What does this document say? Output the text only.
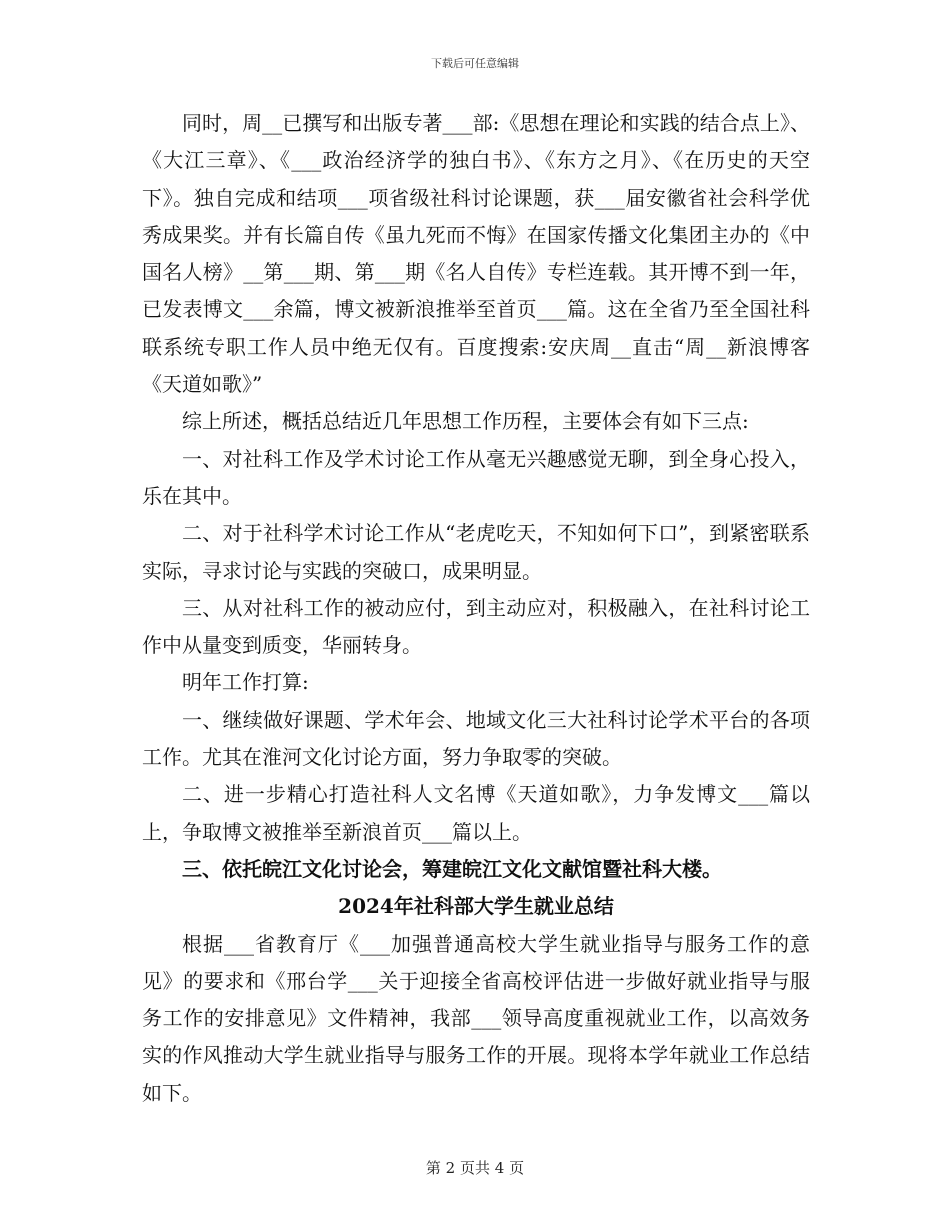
下载后可任意编辑

同时，周__已撰写和出版专著___部:《思想在理论和实践的结合点上》、《大江三章》、《___政治经济学的独白书》、《东方之月》、《在历史的天空下》。独自完成和结项___项省级社科讨论课题，获___届安徽省社会科学优秀成果奖。并有长篇自传《虽九死而不悔》在国家传播文化集团主办的《中国名人榜》__第___期、第___期《名人自传》专栏连载。其开博不到一年，已发表博文___余篇，博文被新浪推举至首页___篇。这在全省乃至全国社科联系统专职工作人员中绝无仅有。百度搜索:安庆周__直击“周__新浪博客《天道如歌》”

综上所述，概括总结近几年思想工作历程，主要体会有如下三点:

一、对社科工作及学术讨论工作从毫无兴趣感觉无聊，到全身心投入，乐在其中。

二、对于社科学术讨论工作从“老虎吃天，不知如何下口”，到紧密联系实际，寻求讨论与实践的突破口，成果明显。

三、从对社科工作的被动应付，到主动应对，积极融入，在社科讨论工作中从量变到质变，华丽转身。

明年工作打算:

一、继续做好课题、学术年会、地域文化三大社科讨论学术平台的各项工作。尤其在淮河文化讨论方面，努力争取零的突破。

二、进一步精心打造社科人文名博《天道如歌》，力争发博文___篇以上，争取博文被推举至新浪首页___篇以上。

三、依托皖江文化讨论会，筹建皖江文化文献馆暨社科大楼。

2024年社科部大学生就业总结

根据___省教育厅《___加强普通高校大学生就业指导与服务工作的意见》的要求和《邢台学___关于迎接全省高校评估进一步做好就业指导与服务工作的安排意见》文件精神，我部___领导高度重视就业工作，以高效务实的作风推动大学生就业指导与服务工作的开展。现将本学年就业工作总结如下。

第 2 页共 4 页
